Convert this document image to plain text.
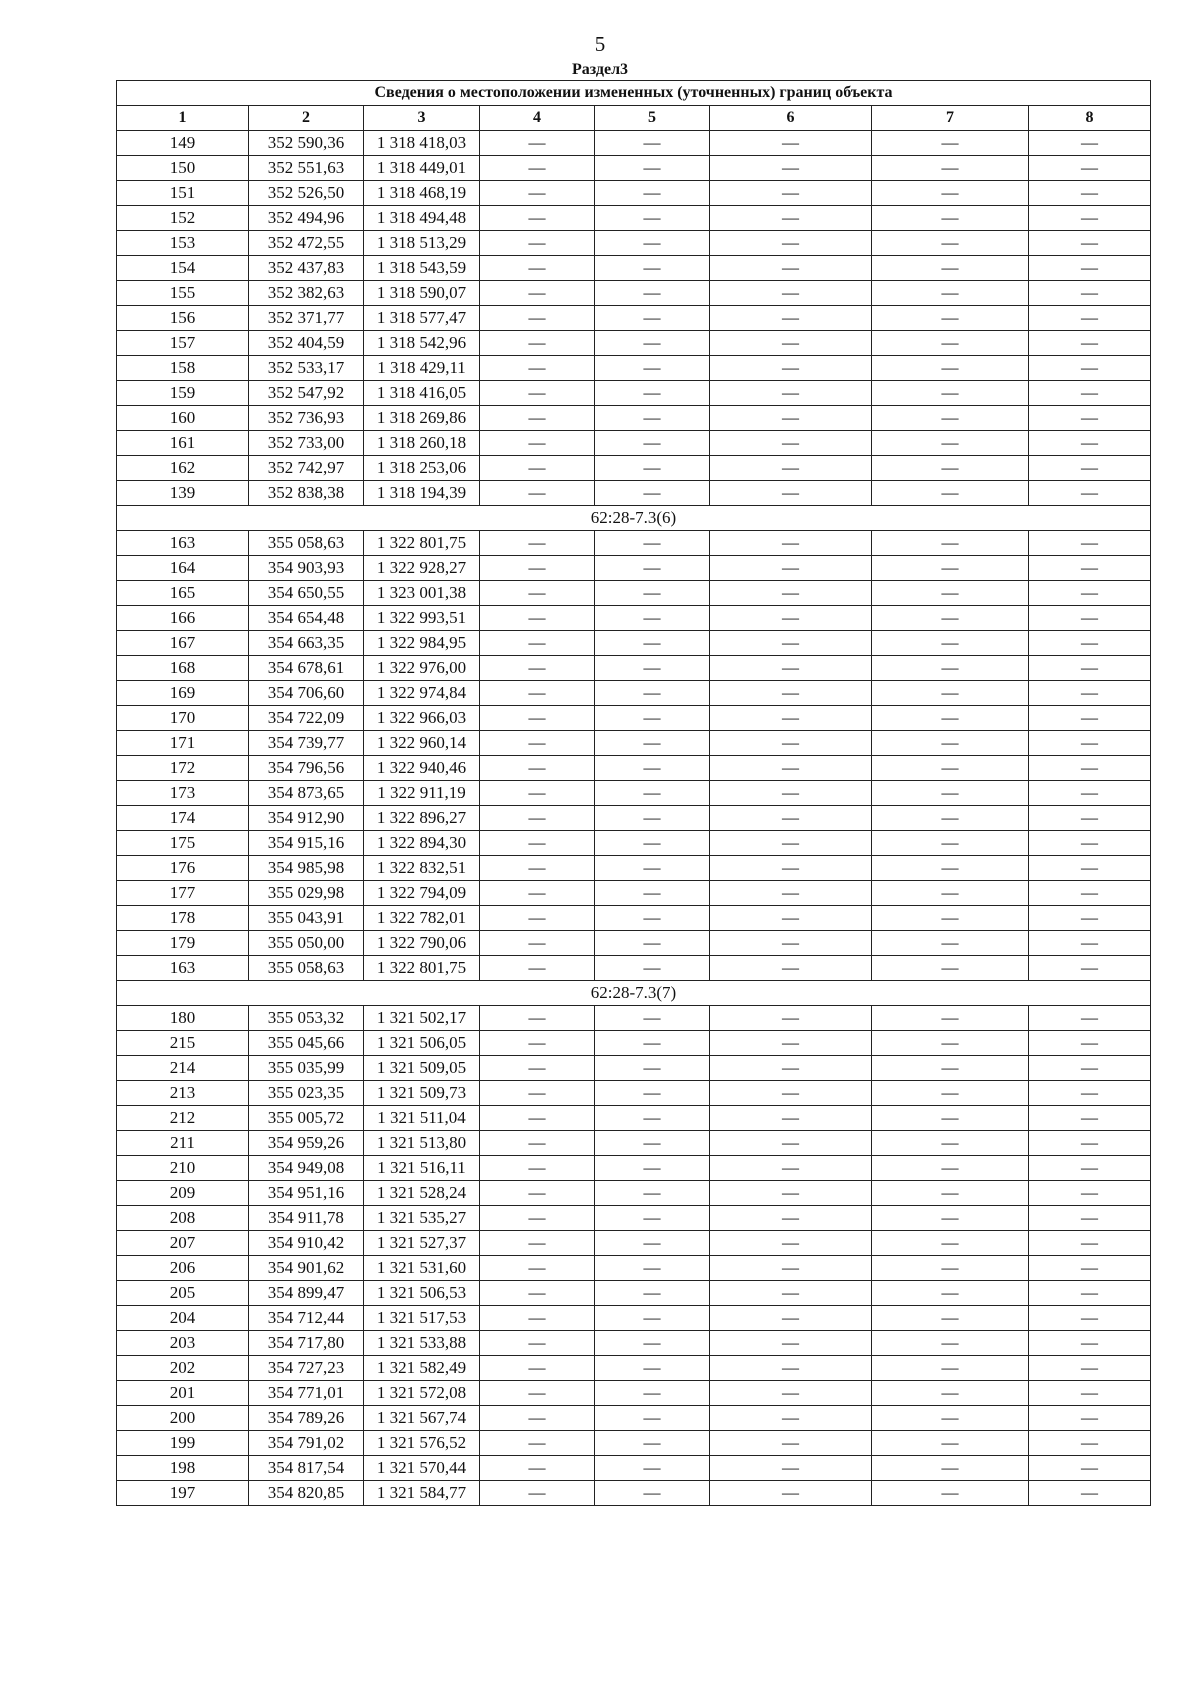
5
Раздел3
Сведения о местоположении измененных (уточненных) границ объекта							
1	2	3	4	5	6	7	8
149	352 590,36	1 318 418,03	—	—	—	—	—
150	352 551,63	1 318 449,01	—	—	—	—	—
151	352 526,50	1 318 468,19	—	—	—	—	—
152	352 494,96	1 318 494,48	—	—	—	—	—
153	352 472,55	1 318 513,29	—	—	—	—	—
154	352 437,83	1 318 543,59	—	—	—	—	—
155	352 382,63	1 318 590,07	—	—	—	—	—
156	352 371,77	1 318 577,47	—	—	—	—	—
157	352 404,59	1 318 542,96	—	—	—	—	—
158	352 533,17	1 318 429,11	—	—	—	—	—
159	352 547,92	1 318 416,05	—	—	—	—	—
160	352 736,93	1 318 269,86	—	—	—	—	—
161	352 733,00	1 318 260,18	—	—	—	—	—
162	352 742,97	1 318 253,06	—	—	—	—	—
139	352 838,38	1 318 194,39	—	—	—	—	—
62:28-7.3(6)							
163	355 058,63	1 322 801,75	—	—	—	—	—
164	354 903,93	1 322 928,27	—	—	—	—	—
165	354 650,55	1 323 001,38	—	—	—	—	—
166	354 654,48	1 322 993,51	—	—	—	—	—
167	354 663,35	1 322 984,95	—	—	—	—	—
168	354 678,61	1 322 976,00	—	—	—	—	—
169	354 706,60	1 322 974,84	—	—	—	—	—
170	354 722,09	1 322 966,03	—	—	—	—	—
171	354 739,77	1 322 960,14	—	—	—	—	—
172	354 796,56	1 322 940,46	—	—	—	—	—
173	354 873,65	1 322 911,19	—	—	—	—	—
174	354 912,90	1 322 896,27	—	—	—	—	—
175	354 915,16	1 322 894,30	—	—	—	—	—
176	354 985,98	1 322 832,51	—	—	—	—	—
177	355 029,98	1 322 794,09	—	—	—	—	—
178	355 043,91	1 322 782,01	—	—	—	—	—
179	355 050,00	1 322 790,06	—	—	—	—	—
163	355 058,63	1 322 801,75	—	—	—	—	—
62:28-7.3(7)							
180	355 053,32	1 321 502,17	—	—	—	—	—
215	355 045,66	1 321 506,05	—	—	—	—	—
214	355 035,99	1 321 509,05	—	—	—	—	—
213	355 023,35	1 321 509,73	—	—	—	—	—
212	355 005,72	1 321 511,04	—	—	—	—	—
211	354 959,26	1 321 513,80	—	—	—	—	—
210	354 949,08	1 321 516,11	—	—	—	—	—
209	354 951,16	1 321 528,24	—	—	—	—	—
208	354 911,78	1 321 535,27	—	—	—	—	—
207	354 910,42	1 321 527,37	—	—	—	—	—
206	354 901,62	1 321 531,60	—	—	—	—	—
205	354 899,47	1 321 506,53	—	—	—	—	—
204	354 712,44	1 321 517,53	—	—	—	—	—
203	354 717,80	1 321 533,88	—	—	—	—	—
202	354 727,23	1 321 582,49	—	—	—	—	—
201	354 771,01	1 321 572,08	—	—	—	—	—
200	354 789,26	1 321 567,74	—	—	—	—	—
199	354 791,02	1 321 576,52	—	—	—	—	—
198	354 817,54	1 321 570,44	—	—	—	—	—
197	354 820,85	1 321 584,77	—	—	—	—	—
